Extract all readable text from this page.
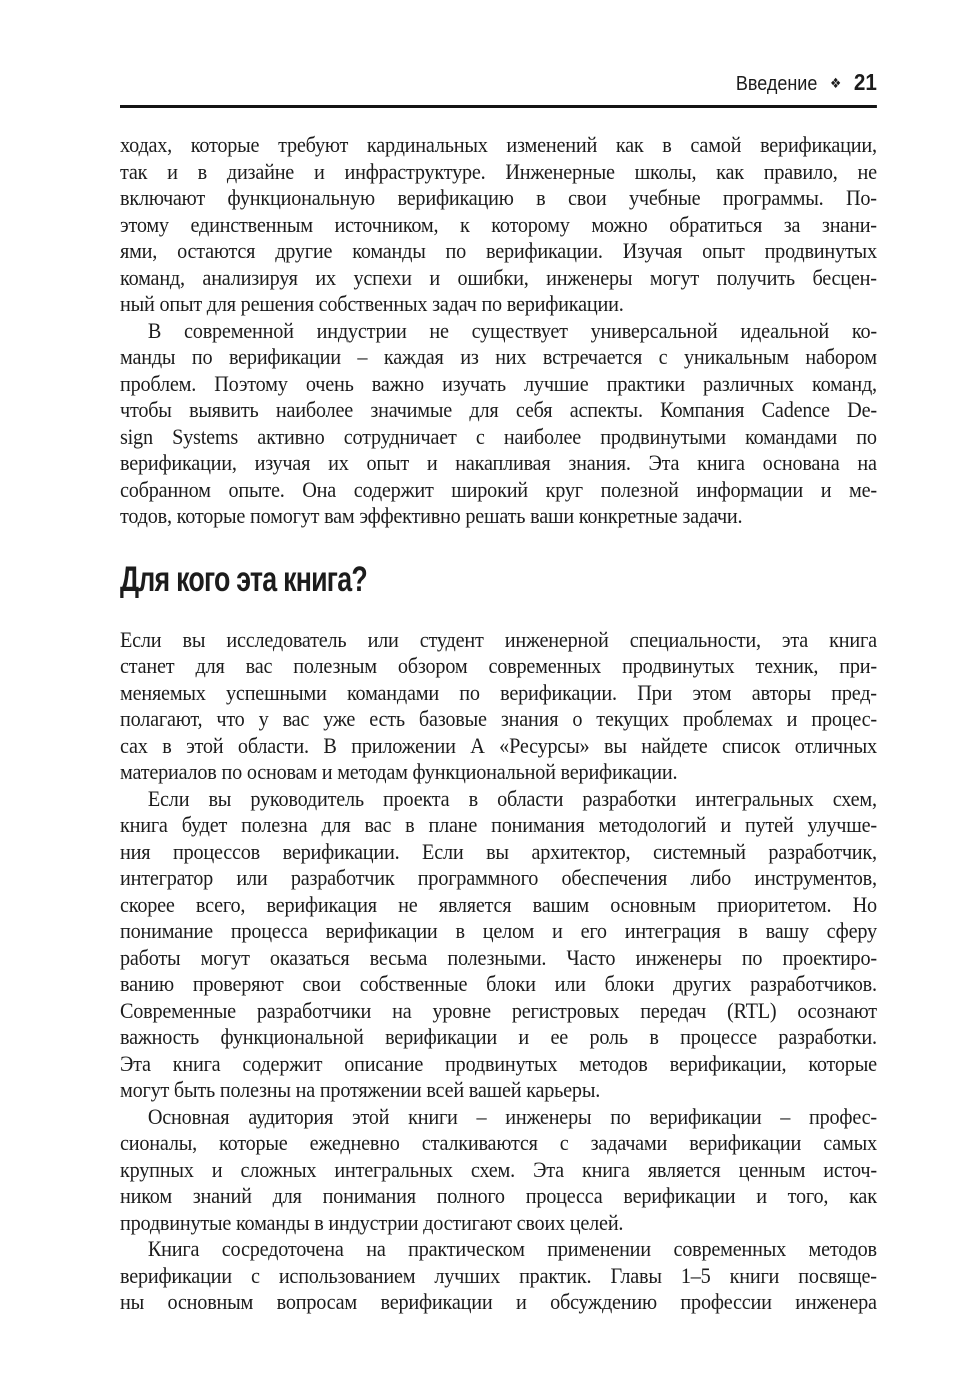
Введение ❖ 21
ходах, которые требуют кардинальных изменений как в самой верификации,
так и в дизайне и инфраструктуре. Инженерные школы, как правило, не
включают функциональную верификацию в свои учебные программы. По-
этому единственным источником, к которому можно обратиться за знани-
ями, остаются другие команды по верификации. Изучая опыт продвинутых
команд, анализируя их успехи и ошибки, инженеры могут получить бесцен-
ный опыт для решения собственных задач по верификации.
В современной индустрии не существует универсальной идеальной ко-
манды по верификации – каждая из них встречается с уникальным набором
проблем. Поэтому очень важно изучать лучшие практики различных команд,
чтобы выявить наиболее значимые для себя аспекты. Компания Cadence De-
sign Systems активно сотрудничает с наиболее продвинутыми командами по
верификации, изучая их опыт и накапливая знания. Эта книга основана на
собранном опыте. Она содержит широкий круг полезной информации и ме-
тодов, которые помогут вам эффективно решать ваши конкретные задачи.
Для кого эта книга?
Если вы исследователь или студент инженерной специальности, эта книга
станет для вас полезным обзором современных продвинутых техник, при-
меняемых успешными командами по верификации. При этом авторы пред-
полагают, что у вас уже есть базовые знания о текущих проблемах и процес-
сах в этой области. В приложении А «Ресурсы» вы найдете список отличных
материалов по основам и методам функциональной верификации.
Если вы руководитель проекта в области разработки интегральных схем,
книга будет полезна для вас в плане понимания методологий и путей улучше-
ния процессов верификации. Если вы архитектор, системный разработчик,
интегратор или разработчик программного обеспечения либо инструментов,
скорее всего, верификация не является вашим основным приоритетом. Но
понимание процесса верификации в целом и его интеграция в вашу сферу
работы могут оказаться весьма полезными. Часто инженеры по проектиро-
ванию проверяют свои собственные блоки или блоки других разработчиков.
Современные разработчики на уровне регистровых передач (RTL) осознают
важность функциональной верификации и ее роль в процессе разработки.
Эта книга содержит описание продвинутых методов верификации, которые
могут быть полезны на протяжении всей вашей карьеры.
Основная аудитория этой книги – инженеры по верификации – профес-
сионалы, которые ежедневно сталкиваются с задачами верификации самых
крупных и сложных интегральных схем. Эта книга является ценным источ-
ником знаний для понимания полного процесса верификации и того, как
продвинутые команды в индустрии достигают своих целей.
Книга сосредоточена на практическом применении современных методов
верификации с использованием лучших практик. Главы 1–5 книги посвяще-
ны основным вопросам верификации и обсуждению профессии инженера
